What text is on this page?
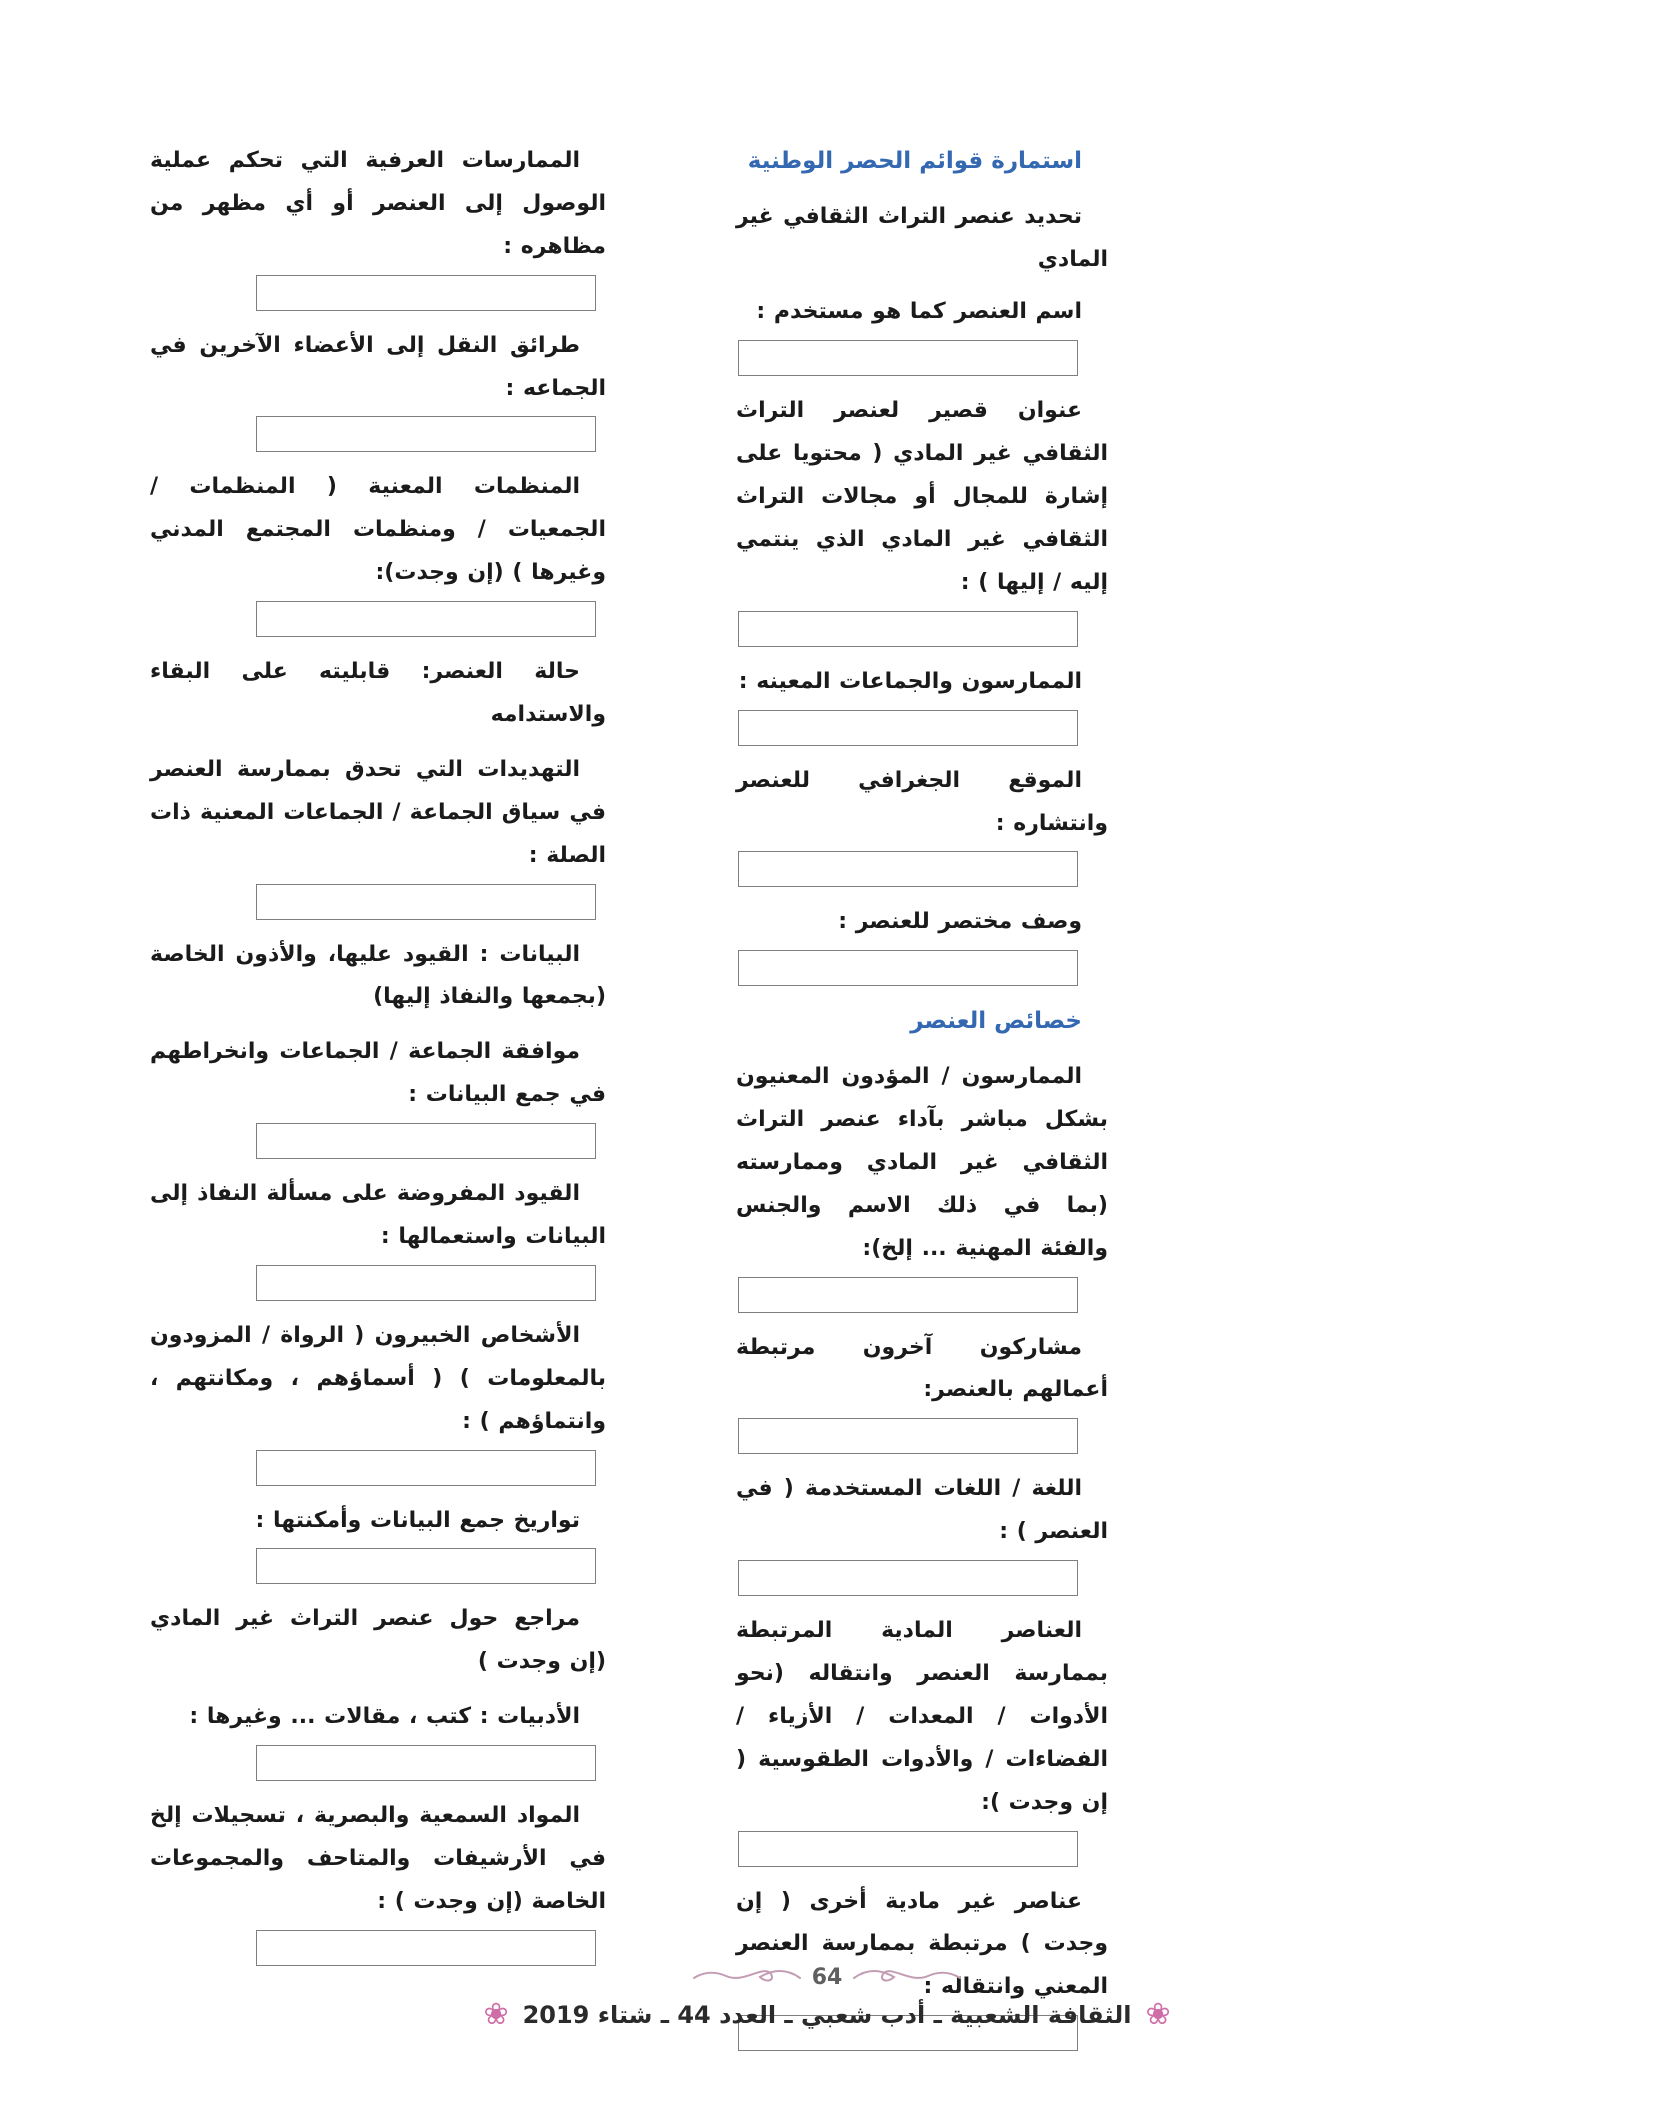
استمارة قوائم الحصر الوطنية

تحديد عنصر التراث الثقافي غير المادي

اسم العنصر كما هو مستخدم :

عنوان قصير لعنصر التراث الثقافي غير المادي ( محتويا على إشارة للمجال أو مجالات التراث الثقافي غير المادي الذي ينتمي إليه / إليها ) :

الممارسون والجماعات المعينه :

الموقع الجغرافي للعنصر وانتشاره :

وصف مختصر للعنصر :

خصائص العنصر

الممارسون / المؤدون المعنيون بشكل مباشر بآداء عنصر التراث الثقافي غير المادي وممارسته (بما في ذلك الاسم والجنس والفئة المهنية ... إلخ):

مشاركون آخرون مرتبطة أعمالهم بالعنصر:

اللغة / اللغات المستخدمة ( في العنصر ) :

العناصر المادية المرتبطة بممارسة العنصر وانتقاله (نحو الأدوات / المعدات / الأزياء / الفضاءات / والأدوات الطقوسية ( إن وجدت ):

عناصر غير مادية أخرى ( إن وجدت ) مرتبطة بممارسة العنصر المعني وانتقاله :

الممارسات العرفية التي تحكم عملية الوصول إلى العنصر أو أي مظهر من مظاهره :

طرائق النقل إلى الأعضاء الآخرين في الجماعه :

المنظمات المعنية ( المنظمات / الجمعيات / ومنظمات المجتمع المدني وغيرها ) (إن وجدت):

حالة العنصر: قابليته على البقاء والاستدامه

التهديدات التي تحدق بممارسة العنصر في سياق الجماعة / الجماعات المعنية ذات الصلة :

البيانات : القيود عليها، والأذون الخاصة (بجمعها والنفاذ إليها)

موافقة الجماعة / الجماعات وانخراطهم في جمع البيانات :

القيود المفروضة على مسألة النفاذ إلى البيانات واستعمالها :

الأشخاص الخبيرون ( الرواة / المزودون بالمعلومات ) ( أسماؤهم ، ومكانتهم ، وانتماؤهم ) :

تواريخ جمع البيانات وأمكنتها :

مراجع حول عنصر التراث غير المادي (إن وجدت )

الأدبيات : كتب ، مقالات ... وغيرها :

المواد السمعية والبصرية ، تسجيلات إلخ في الأرشيفات والمتاحف والمجموعات الخاصة (إن وجدت ) :

64
❀
الثقافة الشعبية ـ أدب شعبي ـ العدد 44 ـ شتاء 2019
❀
